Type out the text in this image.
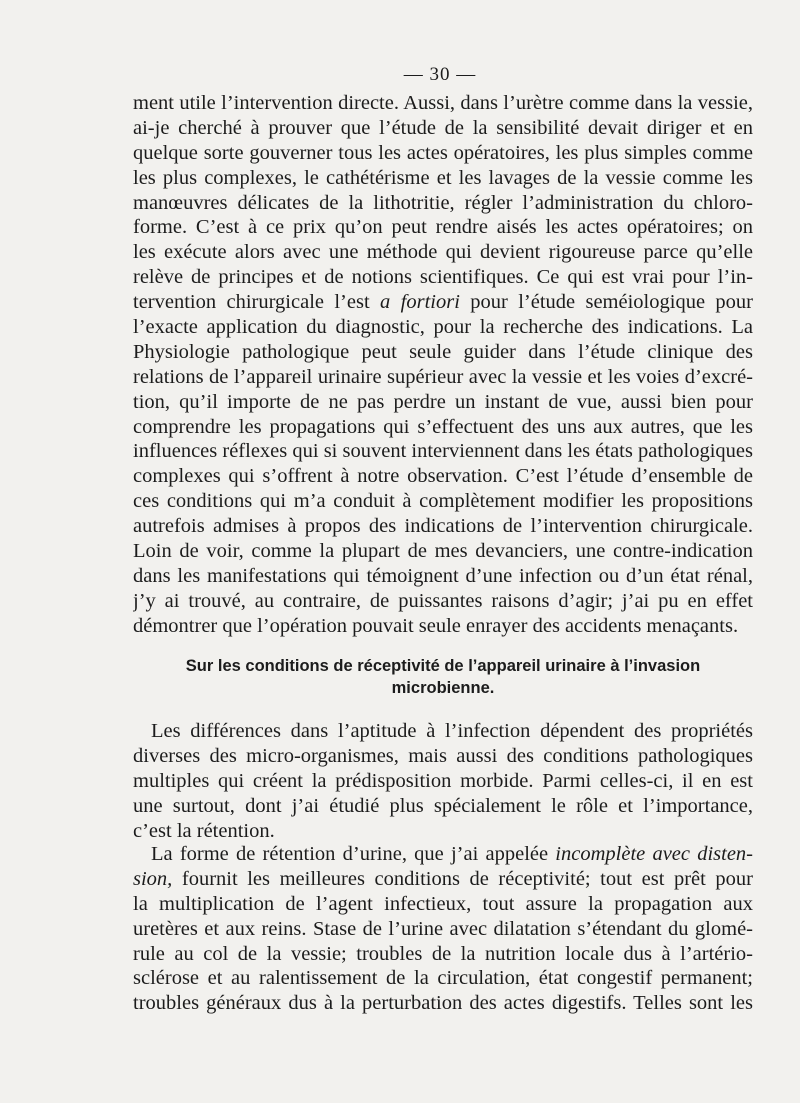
— 30 —

ment utile l’intervention directe. Aussi, dans l’urètre comme dans la vessie,
ai-je cherché à prouver que l’étude de la sensibilité devait diriger et en
quelque sorte gouverner tous les actes opératoires, les plus simples comme
les plus complexes, le cathétérisme et les lavages de la vessie comme les
manœuvres délicates de la lithotritie, régler l’administration du chloro-
forme. C’est à ce prix qu’on peut rendre aisés les actes opératoires; on
les exécute alors avec une méthode qui devient rigoureuse parce qu’elle
relève de principes et de notions scientifiques. Ce qui est vrai pour l’in-
tervention chirurgicale l’est a fortiori pour l’étude seméiologique pour
l’exacte application du diagnostic, pour la recherche des indications. La
Physiologie pathologique peut seule guider dans l’étude clinique des
relations de l’appareil urinaire supérieur avec la vessie et les voies d’excré-
tion, qu’il importe de ne pas perdre un instant de vue, aussi bien pour
comprendre les propagations qui s’effectuent des uns aux autres, que les
influences réflexes qui si souvent interviennent dans les états pathologiques
complexes qui s’offrent à notre observation. C’est l’étude d’ensemble de
ces conditions qui m’a conduit à complètement modifier les propositions
autrefois admises à propos des indications de l’intervention chirurgicale.
Loin de voir, comme la plupart de mes devanciers, une contre-indication
dans les manifestations qui témoignent d’une infection ou d’un état rénal,
j’y ai trouvé, au contraire, de puissantes raisons d’agir; j’ai pu en effet
démontrer que l’opération pouvait seule enrayer des accidents menaçants.
Sur les conditions de réceptivité de l’appareil urinaire à l’invasion
microbienne.
Les différences dans l’aptitude à l’infection dépendent des propriétés
diverses des micro-organismes, mais aussi des conditions pathologiques
multiples qui créent la prédisposition morbide. Parmi celles-ci, il en est
une surtout, dont j’ai étudié plus spécialement le rôle et l’importance,
c’est la rétention.
La forme de rétention d’urine, que j’ai appelée incomplète avec disten-
sion, fournit les meilleures conditions de réceptivité; tout est prêt pour
la multiplication de l’agent infectieux, tout assure la propagation aux
uretères et aux reins. Stase de l’urine avec dilatation s’étendant du glomé-
rule au col de la vessie; troubles de la nutrition locale dus à l’artério-
sclérose et au ralentissement de la circulation, état congestif permanent;
troubles généraux dus à la perturbation des actes digestifs. Telles sont les
